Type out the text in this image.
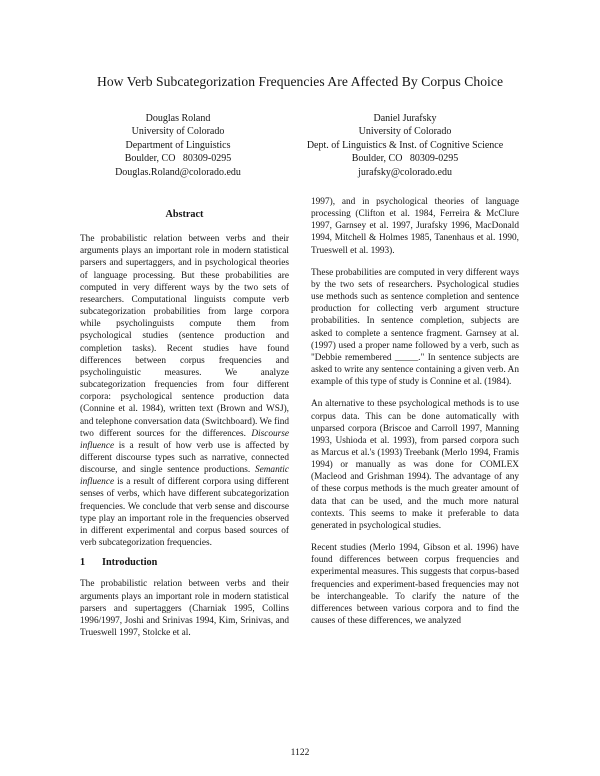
How Verb Subcategorization Frequencies Are Affected By Corpus Choice
Douglas Roland
University of Colorado
Department of Linguistics
Boulder, CO   80309-0295
Douglas.Roland@colorado.edu
Daniel Jurafsky
University of Colorado
Dept. of Linguistics & Inst. of Cognitive Science
Boulder, CO   80309-0295
jurafsky@colorado.edu
Abstract

The probabilistic relation between verbs and their arguments plays an important role in modern statistical parsers and supertaggers, and in psychological theories of language processing. But these probabilities are computed in very different ways by the two sets of researchers. Computational linguists compute verb subcategorization probabilities from large corpora while psycholinguists compute them from psychological studies (sentence production and completion tasks). Recent studies have found differences between corpus frequencies and psycholinguistic measures. We analyze subcategorization frequencies from four different corpora: psychological sentence production data (Connine et al. 1984), written text (Brown and WSJ), and telephone conversation data (Switchboard). We find two different sources for the differences. Discourse influence is a result of how verb use is affected by different discourse types such as narrative, connected discourse, and single sentence productions. Semantic influence is a result of different corpora using different senses of verbs, which have different subcategorization frequencies. We conclude that verb sense and discourse type play an important role in the frequencies observed in different experimental and corpus based sources of verb subcategorization frequencies.

1 Introduction

The probabilistic relation between verbs and their arguments plays an important role in modern statistical parsers and supertaggers (Charniak 1995, Collins 1996/1997, Joshi and Srinivas 1994, Kim, Srinivas, and Trueswell 1997, Stolcke et al.

1997), and in psychological theories of language processing (Clifton et al. 1984, Ferreira & McClure 1997, Garnsey et al. 1997, Jurafsky 1996, MacDonald 1994, Mitchell & Holmes 1985, Tanenhaus et al. 1990, Trueswell et al. 1993).

These probabilities are computed in very different ways by the two sets of researchers. Psychological studies use methods such as sentence completion and sentence production for collecting verb argument structure probabilities. In sentence completion, subjects are asked to complete a sentence fragment. Garnsey at al. (1997) used a proper name followed by a verb, such as "Debbie remembered _____." In sentence subjects are asked to write any sentence containing a given verb. An example of this type of study is Connine et al. (1984).

An alternative to these psychological methods is to use corpus data. This can be done automatically with unparsed corpora (Briscoe and Carroll 1997, Manning 1993, Ushioda et al. 1993), from parsed corpora such as Marcus et al.'s (1993) Treebank (Merlo 1994, Framis 1994) or manually as was done for COMLEX (Macleod and Grishman 1994). The advantage of any of these corpus methods is the much greater amount of data that can be used, and the much more natural contexts. This seems to make it preferable to data generated in psychological studies.

Recent studies (Merlo 1994, Gibson et al. 1996) have found differences between corpus frequencies and experimental measures. This suggests that corpus-based frequencies and experiment-based frequencies may not be interchangeable. To clarify the nature of the differences between various corpora and to find the causes of these differences, we analyzed

1122
